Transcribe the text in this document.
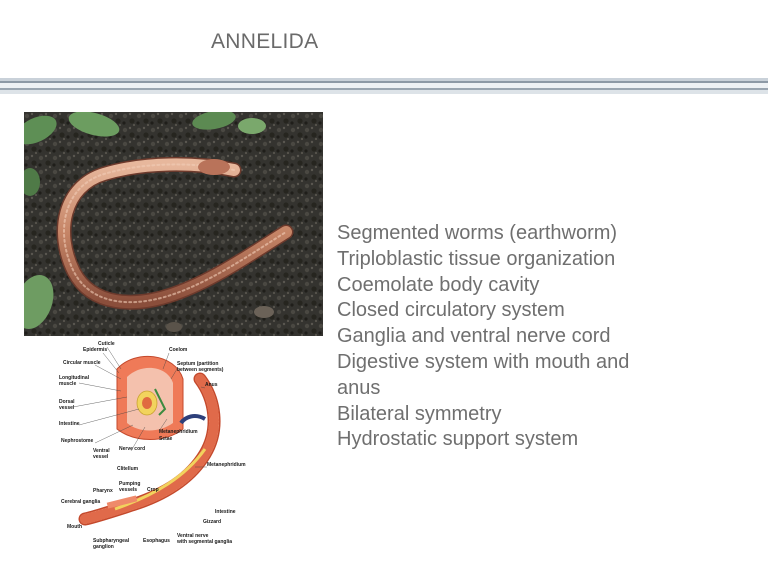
ANNELIDA
Cuticle
Epidermis	Coelom
Circular muscle	Septum (partition
between segments)
Longitudinal
muscle	Anus
Dorsal
vessel
Intestine
Metanephridium
Setae
Nephrostome
Ventral
vessel
Nerve cord
Metanephridium
Clitellum
Pumping
vessels Crop
Pharynx
Cerebral ganglia
Intestine
Gizzard
Mouth
Ventral nerve
with segmental ganglia
Subpharyngeal
ganglion
Esophagus
Segmented worms (earthworm)
Triploblastic tissue organization
Coemolate body cavity
Closed circulatory system
Ganglia and ventral nerve cord
Digestive system with mouth and
anus
Bilateral symmetry
Hydrostatic support system
